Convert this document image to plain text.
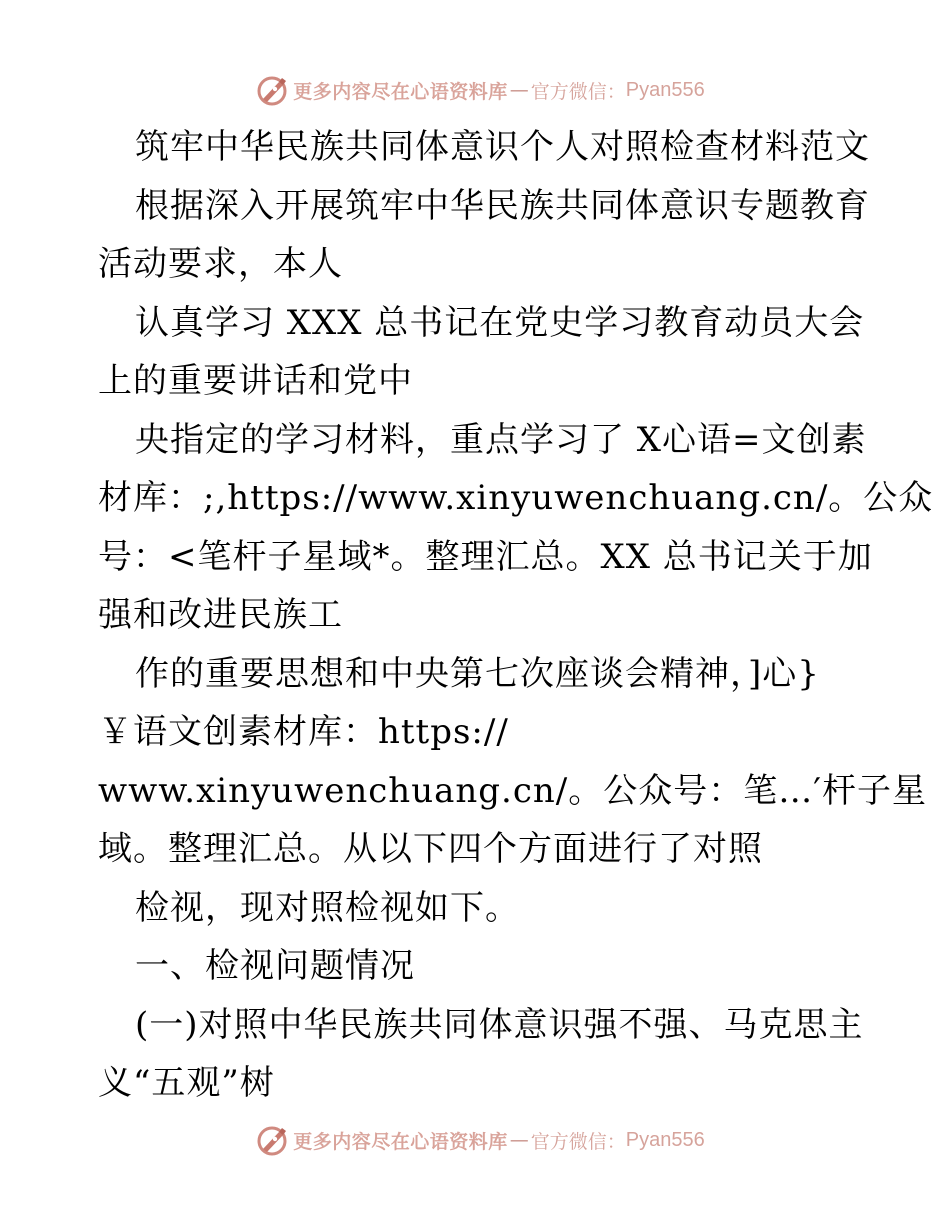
更多内容尽在心语资料库 — 官方微信： Pyan556
筑牢中华民族共同体意识个人对照检查材料范文
根据深入开展筑牢中华民族共同体意识专题教育
活动要求，本人
认真学习 XXX 总书记在党史学习教育动员大会
上的重要讲话和党中
央指定的学习材料，重点学习了 X心语=文创素
材库：;,https://www.xinyuwenchuang.cn/。公众
号：<笔杆子星域*。整理汇总。XX 总书记关于加
强和改进民族工
作的重要思想和中央第七次座谈会精神，]心}
￥语文创素材库：https://
www.xinyuwenchuang.cn/。公众号：笔…′杆子星
域。整理汇总。从以下四个方面进行了对照
检视，现对照检视如下。
一、检视问题情况
(一)对照中华民族共同体意识强不强、马克思主
义“五观”树
更多内容尽在心语资料库 — 官方微信： Pyan556
